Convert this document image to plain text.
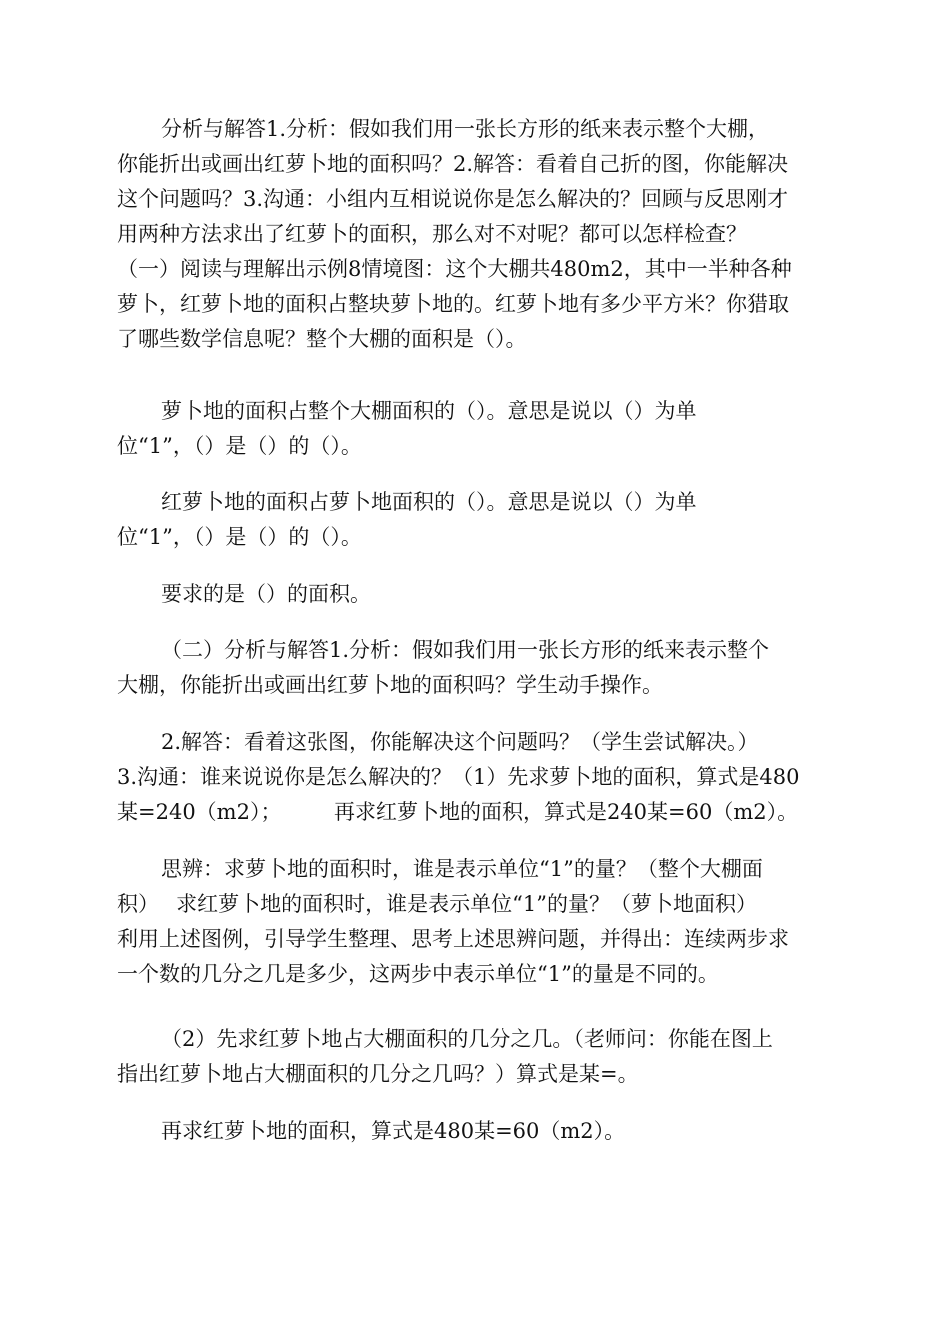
分析与解答1.分析：假如我们用一张长方形的纸来表示整个大棚，
你能折出或画出红萝卜地的面积吗？2.解答：看着自己折的图，你能解决
这个问题吗？3.沟通：小组内互相说说你是怎么解决的？回顾与反思刚才
用两种方法求出了红萝卜的面积，那么对不对呢？都可以怎样检查？
（一）阅读与理解出示例8情境图：这个大棚共480m2，其中一半种各种
萝卜，红萝卜地的面积占整块萝卜地的。红萝卜地有多少平方米？你猎取
了哪些数学信息呢？整个大棚的面积是（）。
萝卜地的面积占整个大棚面积的（）。意思是说以（）为单
位“1”，（）是（）的（）。
红萝卜地的面积占萝卜地面积的（）。意思是说以（）为单
位“1”，（）是（）的（）。
要求的是（）的面积。
（二）分析与解答1.分析：假如我们用一张长方形的纸来表示整个
大棚，你能折出或画出红萝卜地的面积吗？学生动手操作。
2.解答：看着这张图，你能解决这个问题吗？（学生尝试解决。）
3.沟通：谁来说说你是怎么解决的？（1）先求萝卜地的面积，算式是480
某=240（m2）；　　　再求红萝卜地的面积，算式是240某=60（m2）。
思辨：求萝卜地的面积时，谁是表示单位“1”的量？（整个大棚面
积）　 求红萝卜地的面积时，谁是表示单位“1”的量？（萝卜地面积）
利用上述图例，引导学生整理、思考上述思辨问题，并得出：连续两步求
一个数的几分之几是多少，这两步中表示单位“1”的量是不同的。
（2）先求红萝卜地占大棚面积的几分之几。（老师问：你能在图上
指出红萝卜地占大棚面积的几分之几吗？）算式是某=。
再求红萝卜地的面积，算式是480某=60（m2）。
